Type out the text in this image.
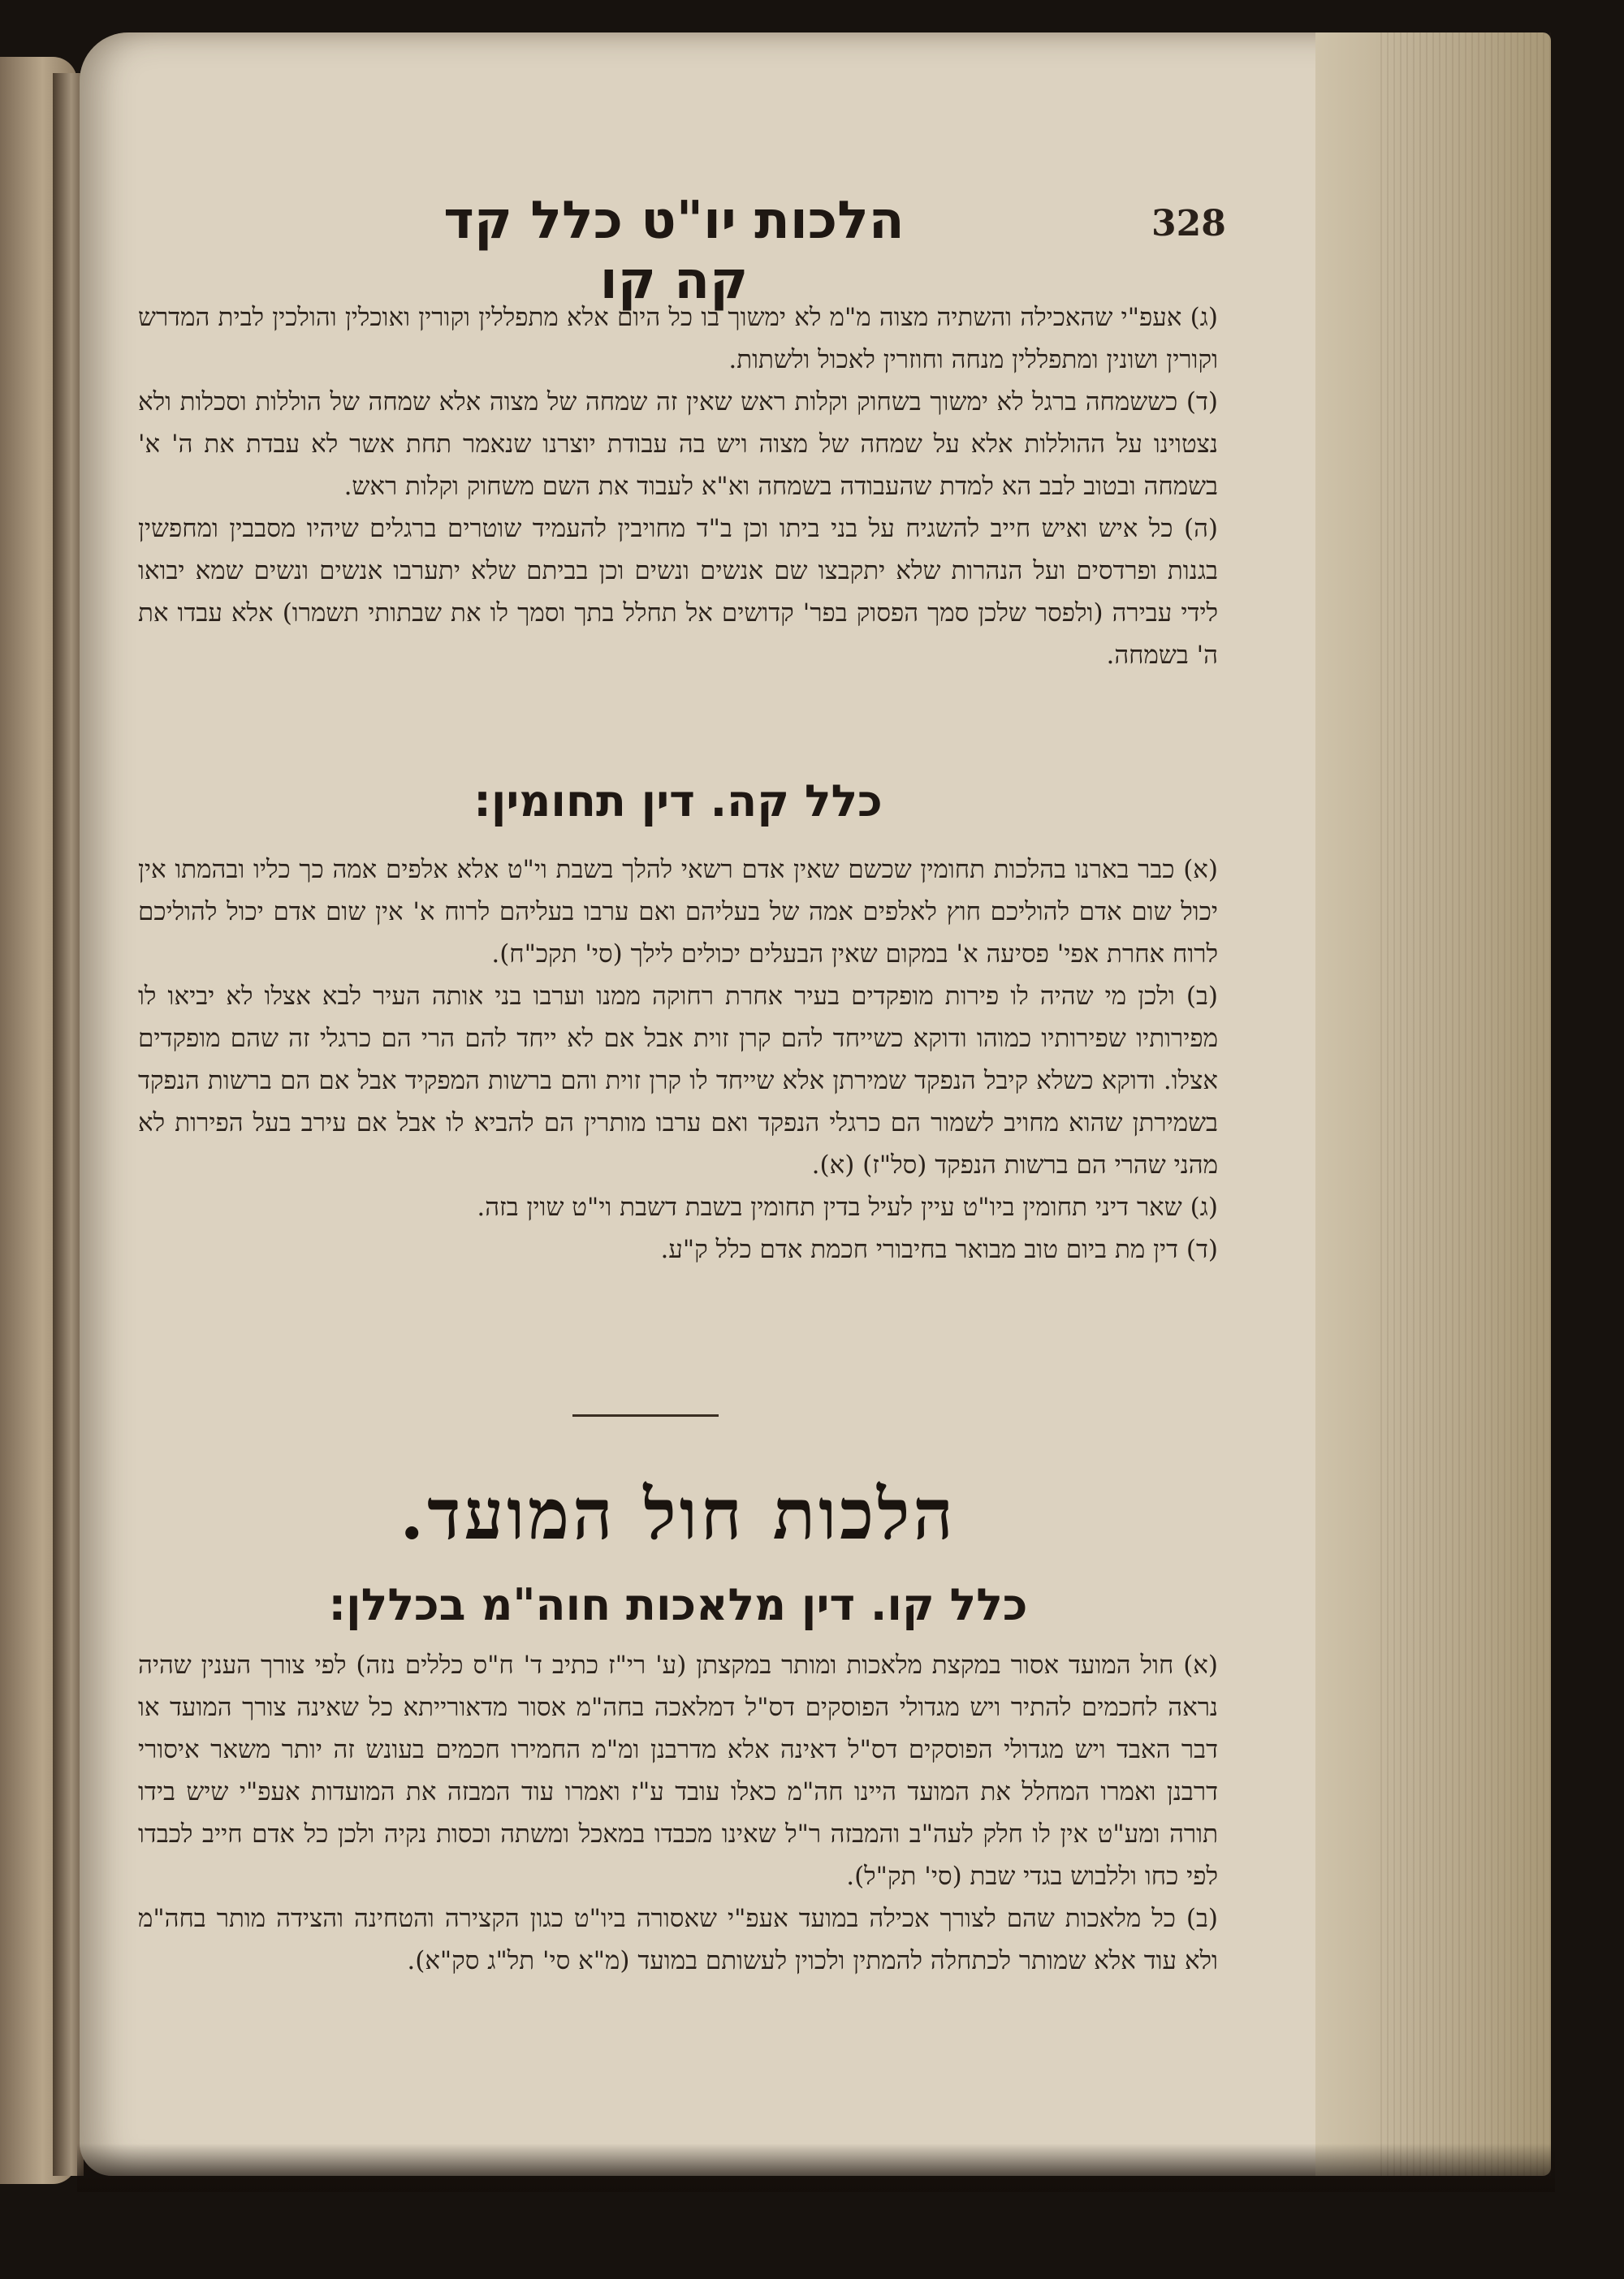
328
הלכות יו"ט כלל קד קה קו

(ג) אעפ"י שהאכילה והשתיה מצוה מ"מ לא ימשוך בו כל היום אלא מתפללין וקורין ואוכלין והולכין לבית המדרש וקורין ושונין ומתפללין מנחה וחוזרין לאכול ולשתות.

(ד) כששמחה ברגל לא ימשוך בשחוק וקלות ראש שאין זה שמחה של מצוה אלא שמחה של הוללות וסכלות ולא נצטוינו על ההוללות אלא על שמחה של מצוה ויש בה עבודת יוצרנו שנאמר תחת אשר לא עבדת את ה' א' בשמחה ובטוב לבב הא למדת שהעבודה בשמחה וא"א לעבוד את השם משחוק וקלות ראש.

(ה) כל איש ואיש חייב להשגיח על בני ביתו וכן ב"ד מחויבין להעמיד שוטרים ברגלים שיהיו מסבבין ומחפשין בגנות ופרדסים ועל הנהרות שלא יתקבצו שם אנשים ונשים וכן בביתם שלא יתערבו אנשים ונשים שמא יבואו לידי עבירה (ולפסר שלכן סמך הפסוק בפר' קדושים אל תחלל בתך וסמך לו את שבתותי תשמרו) אלא עבדו את ה' בשמחה.

כלל קה. דין תחומין:

(א) כבר בארנו בהלכות תחומין שכשם שאין אדם רשאי להלך בשבת וי"ט אלא אלפים אמה כך כליו ובהמתו אין יכול שום אדם להוליכם חוץ לאלפים אמה של בעליהם ואם ערבו בעליהם לרוח א' אין שום אדם יכול להוליכם לרוח אחרת אפי' פסיעה א' במקום שאין הבעלים יכולים לילך (סי' תקכ"ח).

(ב) ולכן מי שהיה לו פירות מופקדים בעיר אחרת רחוקה ממנו וערבו בני אותה העיר לבא אצלו לא יביאו לו מפירותיו שפירותיו כמוהו ודוקא כשייחד להם קרן זוית אבל אם לא ייחד להם הרי הם כרגלי זה שהם מופקדים אצלו. ודוקא כשלא קיבל הנפקד שמירתן אלא שייחד לו קרן זוית והם ברשות המפקיד אבל אם הם ברשות הנפקד בשמירתן שהוא מחויב לשמור הם כרגלי הנפקד ואם ערבו מותרין הם להביא לו אבל אם עירב בעל הפירות לא מהני שהרי הם ברשות הנפקד (סל"ז) (א).

(ג) שאר דיני תחומין ביו"ט עיין לעיל בדין תחומין בשבת דשבת וי"ט שוין בזה.

(ד) דין מת ביום טוב מבואר בחיבורי חכמת אדם כלל ק"ע.

הלכות חול המועד.
כלל קו. דין מלאכות חוה"מ בכללן:

(א) חול המועד אסור במקצת מלאכות ומותר במקצתן (ע' רי"ז כתיב ד' ח"ס כללים נזה) לפי צורך הענין שהיה נראה לחכמים להתיר ויש מגדולי הפוסקים דס"ל דמלאכה בחה"מ אסור מדאורייתא כל שאינה צורך המועד או דבר האבד ויש מגדולי הפוסקים דס"ל דאינה אלא מדרבנן ומ"מ החמירו חכמים בעונש זה יותר משאר איסורי דרבנן ואמרו המחלל את המועד היינו חה"מ כאלו עובד ע"ז ואמרו עוד המבזה את המועדות אעפ"י שיש בידו תורה ומע"ט אין לו חלק לעה"ב והמבזה ר"ל שאינו מכבדו במאכל ומשתה וכסות נקיה ולכן כל אדם חייב לכבדו לפי כחו וללבוש בגדי שבת (סי' תק"ל).

(ב) כל מלאכות שהם לצורך אכילה במועד אעפ"י שאסורה ביו"ט כגון הקצירה והטחינה והצידה מותר בחה"מ ולא עוד אלא שמותר לכתחלה להמתין ולכוין לעשותם במועד (מ"א סי' תל"ג סק"א).
